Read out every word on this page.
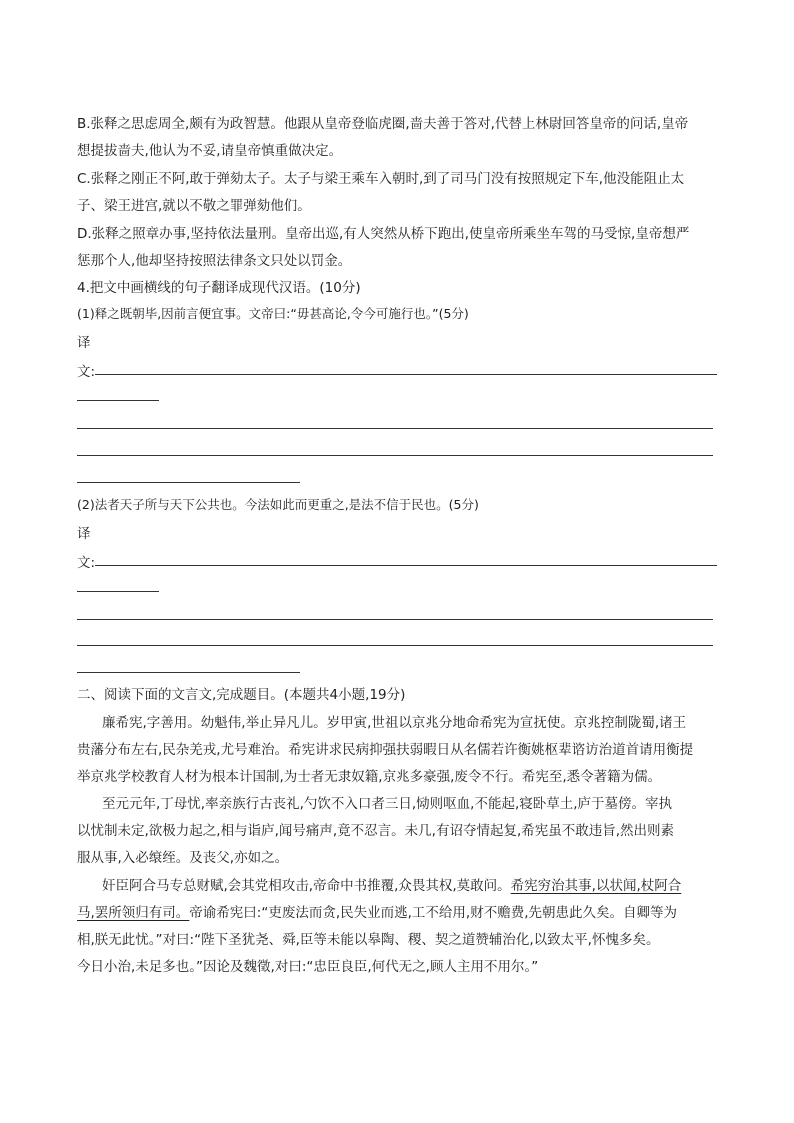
B.张释之思虑周全,颇有为政智慧。他跟从皇帝登临虎圈,啬夫善于答对,代替上林尉回答皇帝的问话,皇帝
想提拔啬夫,他认为不妥,请皇帝慎重做决定。
C.张释之刚正不阿,敢于弹劾太子。太子与梁王乘车入朝时,到了司马门没有按照规定下车,他没能阻止太
子、梁王进宫,就以不敬之罪弹劾他们。
D.张释之照章办事,坚持依法量刑。皇帝出巡,有人突然从桥下跑出,使皇帝所乘坐车驾的马受惊,皇帝想严
惩那个人,他却坚持按照法律条文只处以罚金。
4.把文中画横线的句子翻译成现代汉语。(10分)
(1)释之既朝毕,因前言便宜事。文帝曰:“毋甚高论,令今可施行也。”(5分)
译
文:
(2)法者天子所与天下公共也。今法如此而更重之,是法不信于民也。(5分)
译
文:
二、阅读下面的文言文,完成题目。(本题共4小题,19分)
廉希宪,字善用。幼魁伟,举止异凡儿。岁甲寅,世祖以京兆分地命希宪为宣抚使。京兆控制陇蜀,诸王
贵藩分布左右,民杂羌戎,尤号难治。希宪讲求民病抑强扶弱暇日从名儒若许衡姚枢辈谘访治道首请用衡提
举京兆学校教育人材为根本计国制,为士者无隶奴籍,京兆多豪强,废令不行。希宪至,悉令著籍为儒。
至元元年,丁母忧,率亲族行古丧礼,勺饮不入口者三日,恸则呕血,不能起,寝卧草土,庐于墓傍。宰执
以忧制未定,欲极力起之,相与诣庐,闻号痛声,竟不忍言。未几,有诏夺情起复,希宪虽不敢违旨,然出则素
服从事,入必缞绖。及丧父,亦如之。
奸臣阿合马专总财赋,会其党相攻击,帝命中书推覆,众畏其权,莫敢问。希宪穷治其事,以状闻,杖阿合
马,罢所领归有司。帝谕希宪曰:“吏废法而贪,民失业而逃,工不给用,财不赡费,先朝患此久矣。自卿等为
相,朕无此忧。”对曰:“陛下圣犹尧、舜,臣等未能以皋陶、稷、契之道赞辅治化,以致太平,怀愧多矣。
今日小治,未足多也。”因论及魏徵,对曰:“忠臣良臣,何代无之,顾人主用不用尔。”
